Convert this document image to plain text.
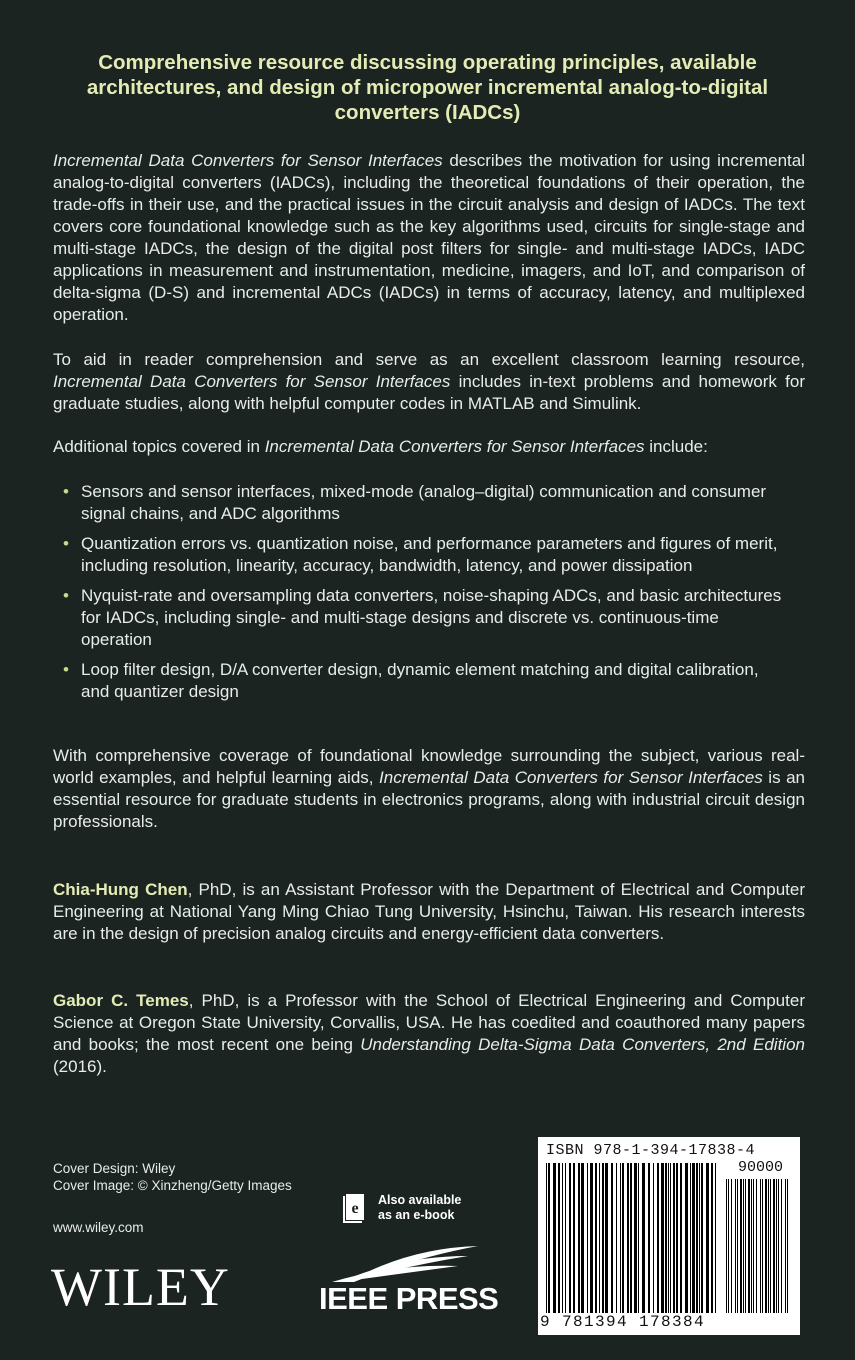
Comprehensive resource discussing operating principles, available architectures, and design of micropower incremental analog-to-digital converters (IADCs)
Incremental Data Converters for Sensor Interfaces describes the motivation for using incremental analog-to-digital converters (IADCs), including the theoretical foundations of their operation, the trade-offs in their use, and the practical issues in the circuit analysis and design of IADCs. The text covers core foundational knowledge such as the key algorithms used, circuits for single-stage and multi-stage IADCs, the design of the digital post filters for single- and multi-stage IADCs, IADC applications in measurement and instrumentation, medicine, imagers, and IoT, and comparison of delta-sigma (D-S) and incremental ADCs (IADCs) in terms of accuracy, latency, and multiplexed operation.
To aid in reader comprehension and serve as an excellent classroom learning resource, Incremental Data Converters for Sensor Interfaces includes in-text problems and homework for graduate studies, along with helpful computer codes in MATLAB and Simulink.
Additional topics covered in Incremental Data Converters for Sensor Interfaces include:
• Sensors and sensor interfaces, mixed-mode (analog–digital) communication and consumer signal chains, and ADC algorithms
• Quantization errors vs. quantization noise, and performance parameters and figures of merit, including resolution, linearity, accuracy, bandwidth, latency, and power dissipation
• Nyquist-rate and oversampling data converters, noise-shaping ADCs, and basic architectures for IADCs, including single- and multi-stage designs and discrete vs. continuous-time operation
• Loop filter design, D/A converter design, dynamic element matching and digital calibration, and quantizer design
With comprehensive coverage of foundational knowledge surrounding the subject, various real-world examples, and helpful learning aids, Incremental Data Converters for Sensor Interfaces is an essential resource for graduate students in electronics programs, along with industrial circuit design professionals.
Chia-Hung Chen, PhD, is an Assistant Professor with the Department of Electrical and Computer Engineering at National Yang Ming Chiao Tung University, Hsinchu, Taiwan. His research interests are in the design of precision analog circuits and energy-efficient data converters.
Gabor C. Temes, PhD, is a Professor with the School of Electrical Engineering and Computer Science at Oregon State University, Corvallis, USA. He has coedited and coauthored many papers and books; the most recent one being Understanding Delta-Sigma Data Converters, 2nd Edition (2016).
Cover Design: Wiley
Cover Image: © Xinzheng/Getty Images
www.wiley.com
WILEY
e Also available
as an e-book
IEEE PRESS
ISBN 978-1-394-17838-4
90000
9 781394 178384
